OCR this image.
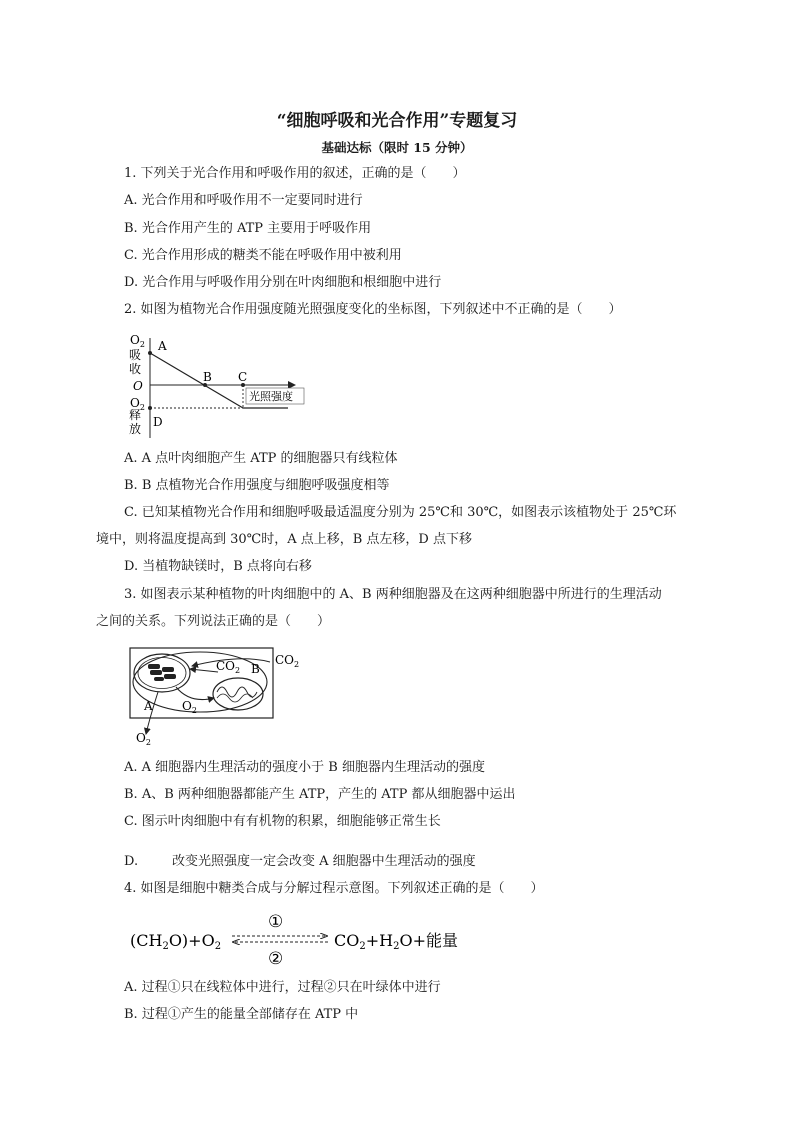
“细胞呼吸和光合作用”专题复习
基础达标（限时 15 分钟）
1. 下列关于光合作用和呼吸作用的叙述，正确的是（　　）
A. 光合作用和呼吸作用不一定要同时进行
B. 光合作用产生的 ATP 主要用于呼吸作用
C. 光合作用形成的糖类不能在呼吸作用中被利用
D. 光合作用与呼吸作用分别在叶肉细胞和根细胞中进行
2. 如图为植物光合作用强度随光照强度变化的坐标图，下列叙述中不正确的是（　　）
$O_2$
吸
收
O
$O_2$
释
放
A
B C
D
光照强度
A. A 点叶肉细胞产生 ATP 的细胞器只有线粒体
B. B 点植物光合作用强度与细胞呼吸强度相等
C. 已知某植物光合作用和细胞呼吸最适温度分别为 25℃和 30℃，如图表示该植物处于 25℃环
境中，则将温度提高到 30℃时，A 点上移，B 点左移，D 点下移
D. 当植物缺镁时，B 点将向右移
3. 如图表示某种植物的叶肉细胞中的 A、B 两种细胞器及在这两种细胞器中所进行的生理活动
之间的关系。下列说法正确的是（　　）
$CO_2$ B
$CO_2$
A $O_2$
$O_2$
A. A 细胞器内生理活动的强度小于 B 细胞器内生理活动的强度
B. A、B 两种细胞器都能产生 ATP，产生的 ATP 都从细胞器中运出
C. 图示叶肉细胞中有有机物的积累，细胞能够正常生长
D.	改变光照强度一定会改变 A 细胞器中生理活动的强度
4. 如图是细胞中糖类合成与分解过程示意图。下列叙述正确的是（　　）
(CH2O)+O2
①
②
CO2+H2O+能量
A. 过程①只在线粒体中进行，过程②只在叶绿体中进行
B. 过程①产生的能量全部储存在 ATP 中
